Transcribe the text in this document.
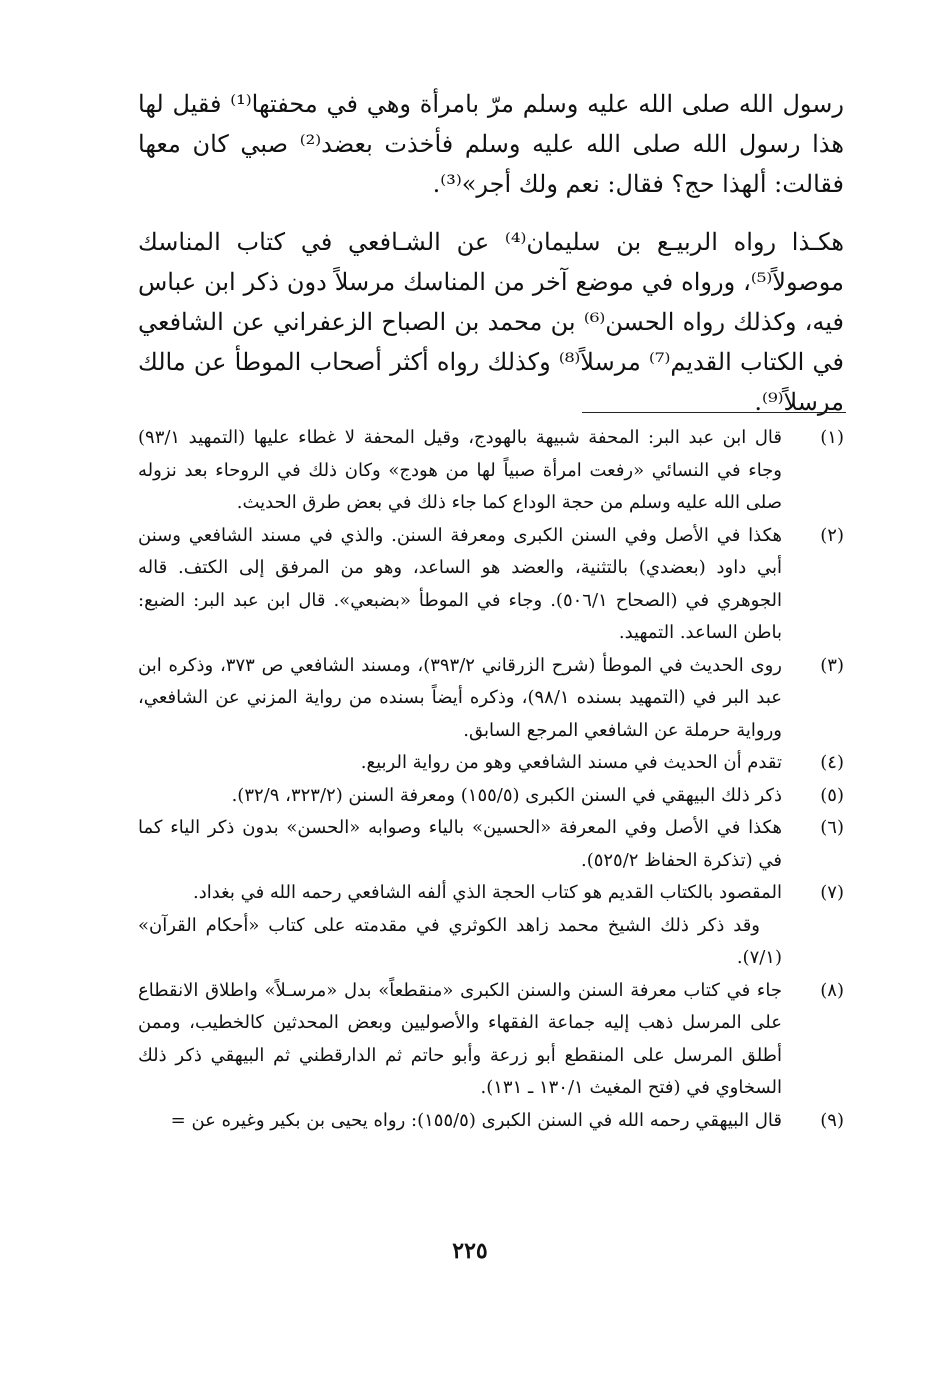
رسول الله صلى الله عليه وسلم مرّ بامرأة وهي في محفتها⁽¹⁾ فقيل لها هذا رسول الله صلى الله عليه وسلم فأخذت بعضد⁽²⁾ صبي كان معها فقالت: ألهذا حج؟ فقال: نعم ولك أجر»⁽³⁾.

هكـذا رواه الربيـع بن سليمان⁽⁴⁾ عن الشـافعي في كتاب المناسك موصولاً⁽⁵⁾، ورواه في موضع آخر من المناسك مرسلاً دون ذكر ابن عباس فيه، وكذلك رواه الحسن⁽⁶⁾ بن محمد بن الصباح الزعفراني عن الشافعي في الكتاب القديم⁽⁷⁾ مرسلاً⁽⁸⁾ وكذلك رواه أكثر أصحاب الموطأ عن مالك مرسلاً⁽⁹⁾.

(١)
قال ابن عبد البر: المحفة شبيهة بالهودج، وقيل المحفة لا غطاء عليها (التمهيد ٩٣/١) وجاء في النسائي «رفعت امرأة صبياً لها من هودج» وكان ذلك في الروحاء بعد نزوله صلى الله عليه وسلم من حجة الوداع كما جاء ذلك في بعض طرق الحديث.
(٢)
هكذا في الأصل وفي السنن الكبرى ومعرفة السنن. والذي في مسند الشافعي وسنن أبي داود (بعضدي) بالتثنية، والعضد هو الساعد، وهو من المرفق إلى الكتف. قاله الجوهري في (الصحاح ٥٠٦/١). وجاء في الموطأ «بضبعي». قال ابن عبد البر: الضبع: باطن الساعد. التمهيد.
(٣)
روى الحديث في الموطأ (شرح الزرقاني ٣٩٣/٢)، ومسند الشافعي ص ٣٧٣، وذكره ابن عبد البر في (التمهيد بسنده ٩٨/١)، وذكره أيضاً بسنده من رواية المزني عن الشافعي، ورواية حرملة عن الشافعي المرجع السابق.
(٤)
تقدم أن الحديث في مسند الشافعي وهو من رواية الربيع.
(٥)
ذكر ذلك البيهقي في السنن الكبرى (١٥٥/٥) ومعرفة السنن (٣٢٣/٢، ٣٢/٩).
(٦)
هكذا في الأصل وفي المعرفة «الحسين» بالياء وصوابه «الحسن» بدون ذكر الياء كما في (تذكرة الحفاظ ٥٢٥/٢).
(٧)
المقصود بالكتاب القديم هو كتاب الحجة الذي ألفه الشافعي رحمه الله في بغداد.
وقد ذكر ذلك الشيخ محمد زاهد الكوثري في مقدمته على كتاب «أحكام القرآن» (٧/١).
(٨)
جاء في كتاب معرفة السنن والسنن الكبرى «منقطعاً» بدل «مرسـلاً» واطلاق الانقطاع على المرسل ذهب إليه جماعة الفقهاء والأصوليين وبعض المحدثين كالخطيب، وممن أطلق المرسل على المنقطع أبو زرعة وأبو حاتم ثم الدارقطني ثم البيهقي ذكر ذلك السخاوي في (فتح المغيث ١٣٠/١ ـ ١٣١).
(٩)
قال البيهقي رحمه الله في السنن الكبرى (١٥٥/٥): رواه يحيى بن بكير وغيره عن =
٢٢٥
